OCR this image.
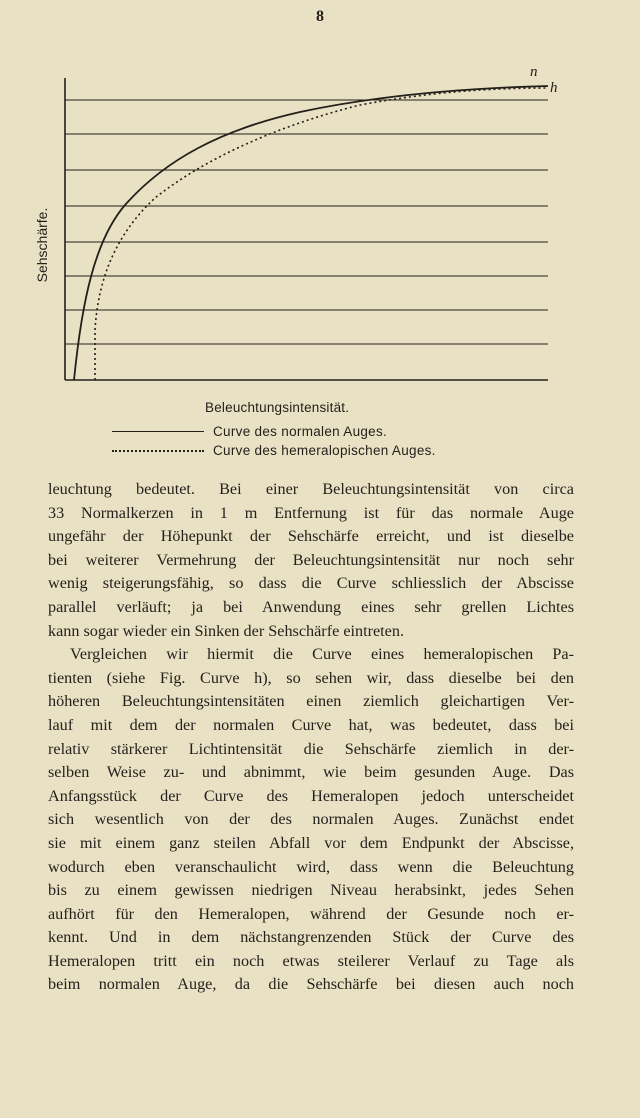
8
n
h
Sehschärfe.
Beleuchtungsintensität.
Curve des normalen Auges.
Curve des hemeralopischen Auges.
leuchtung bedeutet. Bei einer Beleuchtungsintensität von circa
33 Normalkerzen in 1 m Entfernung ist für das normale Auge
ungefähr der Höhepunkt der Sehschärfe erreicht, und ist dieselbe
bei weiterer Vermehrung der Beleuchtungsintensität nur noch sehr
wenig steigerungsfähig, so dass die Curve schliesslich der Abscisse
parallel verläuft; ja bei Anwendung eines sehr grellen Lichtes
kann sogar wieder ein Sinken der Sehschärfe eintreten.
Vergleichen wir hiermit die Curve eines hemeralopischen Pa-
tienten (siehe Fig. Curve h), so sehen wir, dass dieselbe bei den
höheren Beleuchtungsintensitäten einen ziemlich gleichartigen Ver-
lauf mit dem der normalen Curve hat, was bedeutet, dass bei
relativ stärkerer Lichtintensität die Sehschärfe ziemlich in der-
selben Weise zu- und abnimmt, wie beim gesunden Auge. Das
Anfangsstück der Curve des Hemeralopen jedoch unterscheidet
sich wesentlich von der des normalen Auges. Zunächst endet
sie mit einem ganz steilen Abfall vor dem Endpunkt der Abscisse,
wodurch eben veranschaulicht wird, dass wenn die Beleuchtung
bis zu einem gewissen niedrigen Niveau herabsinkt, jedes Sehen
aufhört für den Hemeralopen, während der Gesunde noch er-
kennt. Und in dem nächstangrenzenden Stück der Curve des
Hemeralopen tritt ein noch etwas steilerer Verlauf zu Tage als
beim normalen Auge, da die Sehschärfe bei diesen auch noch
